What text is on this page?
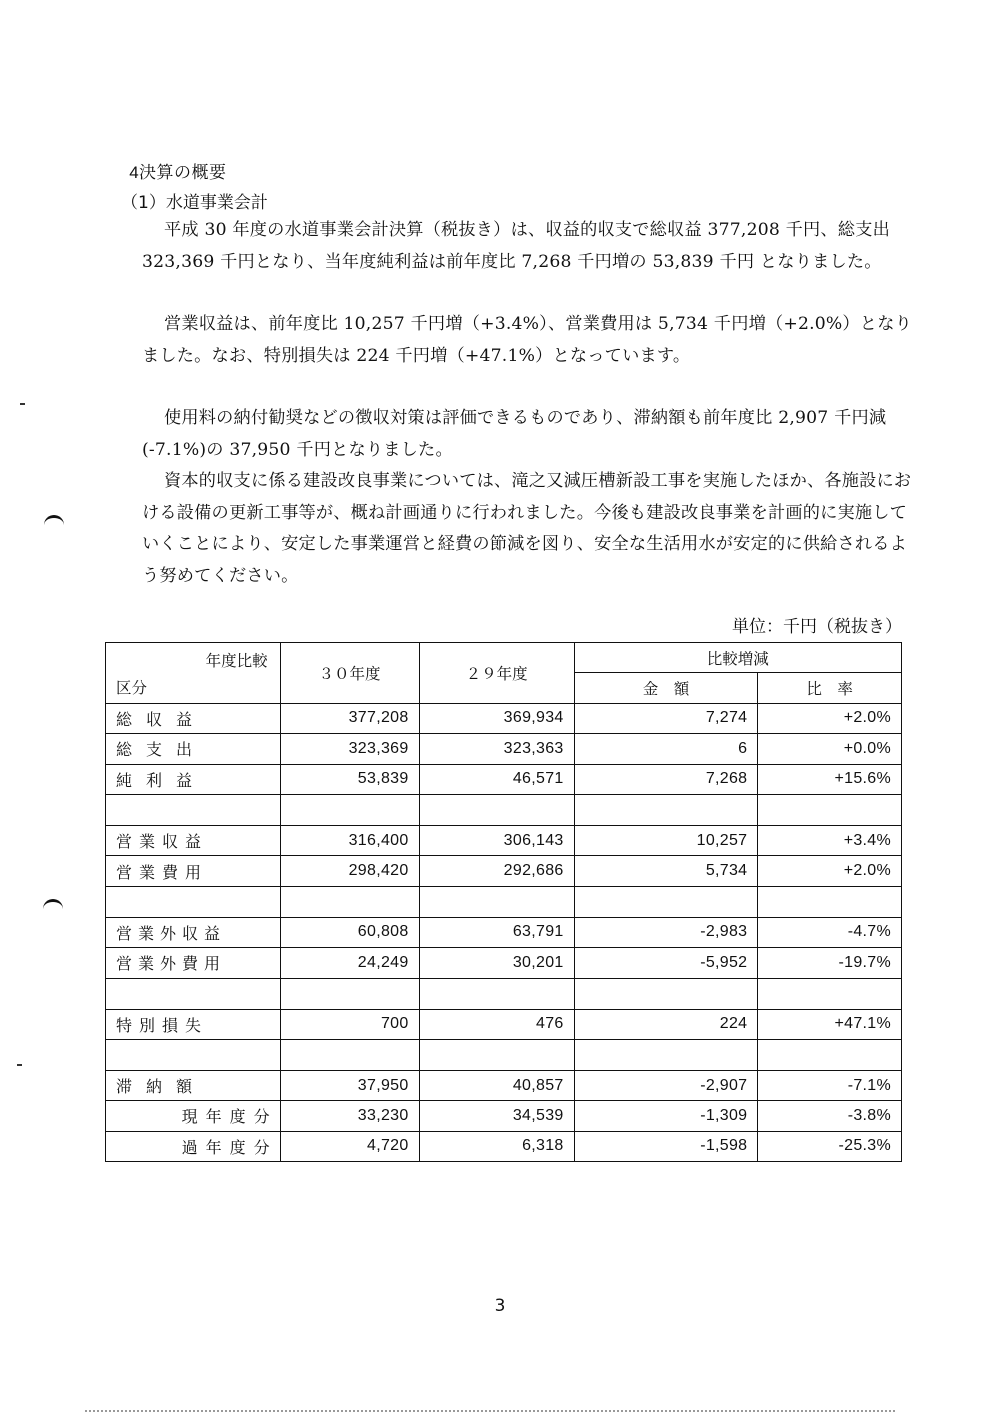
4決算の概要
（1）水道事業会計
平成 30 年度の水道事業会計決算（税抜き）は、収益的収支で総収益 377,208 千円、総支出 323,369 千円となり、当年度純利益は前年度比 7,268 千円増の 53,839 千円 となりました。
営業収益は、前年度比 10,257 千円増（+3.4%）、営業費用は 5,734 千円増（+2.0%）となりました。なお、特別損失は 224 千円増（+47.1%）となっています。
使用料の納付勧奨などの徴収対策は評価できるものであり、滞納額も前年度比 2,907 千円減(-7.1%)の 37,950 千円となりました。
資本的収支に係る建設改良事業については、滝之又減圧槽新設工事を実施したほか、各施設における設備の更新工事等が、概ね計画通りに行われました。今後も建設改良事業を計画的に実施していくことにより、安定した事業運営と経費の節減を図り、安全な生活用水が安定的に供給されるよう努めてください。
単位：千円（税抜き）
年度比較
区分	３０年度	２９年度	比較増減	
			金　額	比　率
総収益	377,208	369,934	7,274	+2.0%
総支出	323,369	323,363	6	+0.0%
純利益	53,839	46,571	7,268	+15.6%

営業収益	316,400	306,143	10,257	+3.4%
営業費用	298,420	292,686	5,734	+2.0%

営業外収益	60,808	63,791	-2,983	-4.7%
営業外費用	24,249	30,201	-5,952	-19.7%

特別損失	700	476	224	+47.1%

滞納額	37,950	40,857	-2,907	-7.1%
現年度分	33,230	34,539	-1,309	-3.8%
過年度分	4,720	6,318	-1,598	-25.3%
3
